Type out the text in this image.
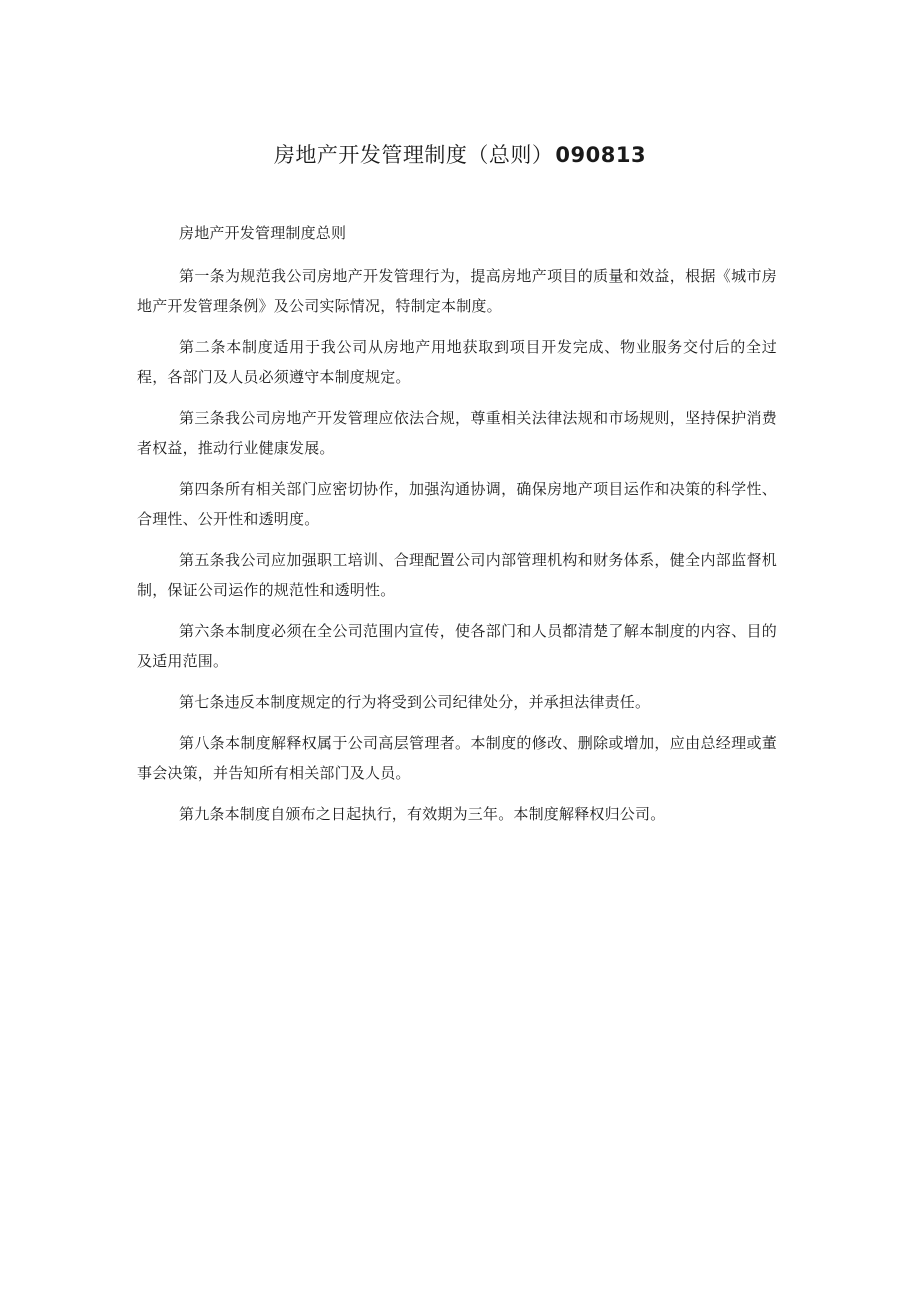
房地产开发管理制度（总则）090813

房地产开发管理制度总则

第一条为规范我公司房地产开发管理行为，提高房地产项目的质量和效益，根据《城市房地产开发管理条例》及公司实际情况，特制定本制度。

第二条本制度适用于我公司从房地产用地获取到项目开发完成、物业服务交付后的全过程，各部门及人员必须遵守本制度规定。

第三条我公司房地产开发管理应依法合规，尊重相关法律法规和市场规则，坚持保护消费者权益，推动行业健康发展。

第四条所有相关部门应密切协作，加强沟通协调，确保房地产项目运作和决策的科学性、合理性、公开性和透明度。

第五条我公司应加强职工培训、合理配置公司内部管理机构和财务体系，健全内部监督机制，保证公司运作的规范性和透明性。

第六条本制度必须在全公司范围内宣传，使各部门和人员都清楚了解本制度的内容、目的及适用范围。

第七条违反本制度规定的行为将受到公司纪律处分，并承担法律责任。

第八条本制度解释权属于公司高层管理者。本制度的修改、删除或增加，应由总经理或董事会决策，并告知所有相关部门及人员。

第九条本制度自颁布之日起执行，有效期为三年。本制度解释权归公司。
